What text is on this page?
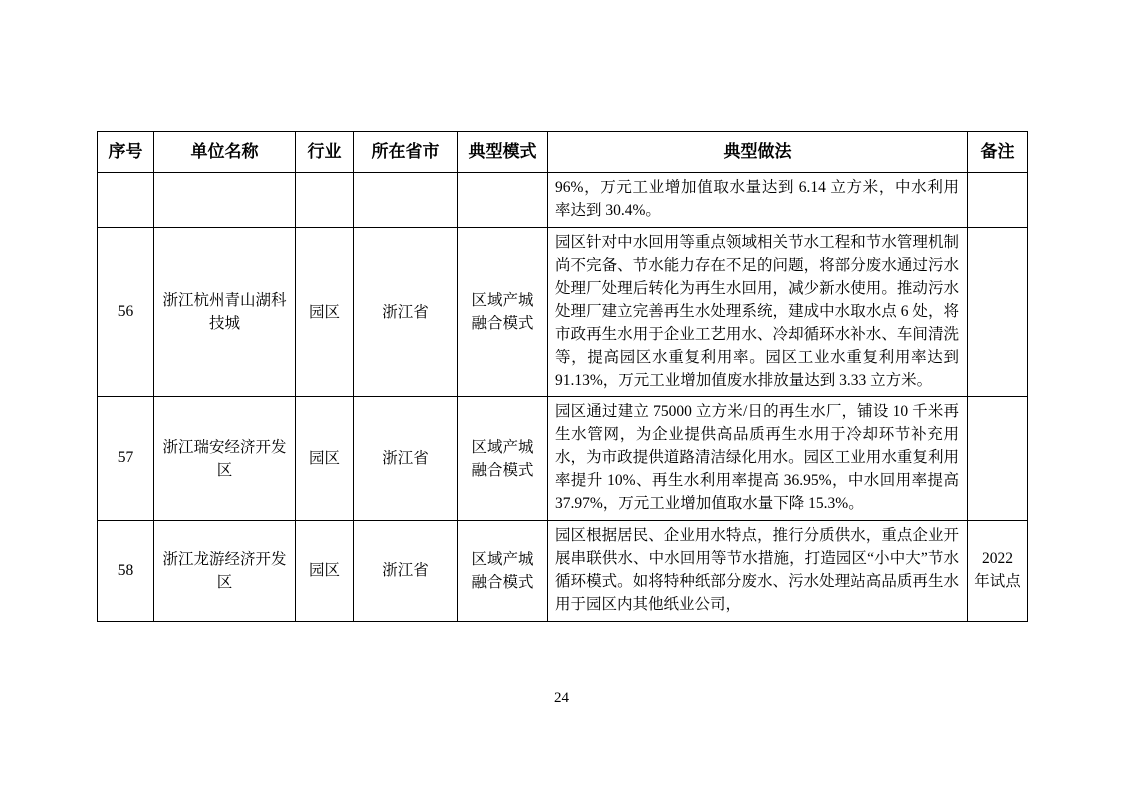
序号	单位名称	行业	所在省市	典型模式	典型做法	备注
					96%，万元工业增加值取水量达到 6.14 立方米，中水利用率达到 30.4%。	
56	浙江杭州青山湖科技城	园区	浙江省	区域产城融合模式	园区针对中水回用等重点领域相关节水工程和节水管理机制尚不完备、节水能力存在不足的问题，将部分废水通过污水处理厂处理后转化为再生水回用，减少新水使用。推动污水处理厂建立完善再生水处理系统，建成中水取水点 6 处，将市政再生水用于企业工艺用水、冷却循环水补水、车间清洗等，提高园区水重复利用率。园区工业水重复利用率达到 91.13%，万元工业增加值废水排放量达到 3.33 立方米。	
57	浙江瑞安经济开发区	园区	浙江省	区域产城融合模式	园区通过建立 75000 立方米/日的再生水厂，铺设 10 千米再生水管网，为企业提供高品质再生水用于冷却环节补充用水，为市政提供道路清洁绿化用水。园区工业用水重复利用率提升 10%、再生水利用率提高 36.95%，中水回用率提高 37.97%，万元工业增加值取水量下降 15.3%。	
58	浙江龙游经济开发区	园区	浙江省	区域产城融合模式	园区根据居民、企业用水特点，推行分质供水，重点企业开展串联供水、中水回用等节水措施，打造园区“小中大”节水循环模式。如将特种纸部分废水、污水处理站高品质再生水用于园区内其他纸业公司，	2022 年试点
24
